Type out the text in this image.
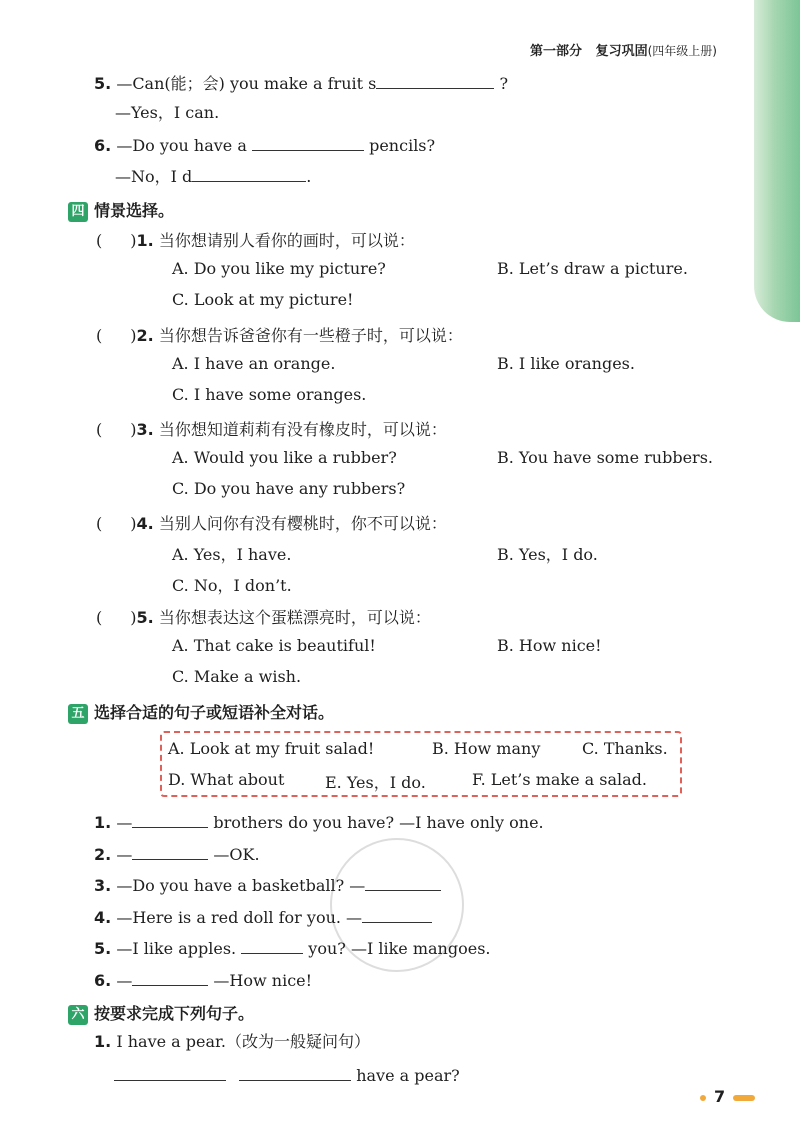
第一部分 复习巩固(四年级上册)
5. —Can(能；会) you make a fruit s	?
—Yes，I can.
6. —Do you have a	pencils?
—No，I d	.
四 情景选择。
( )1. 当你想请别人看你的画时，可以说：
A. Do you like my picture?	B. Let’s draw a picture.
C. Look at my picture!
( )2. 当你想告诉爸爸你有一些橙子时，可以说：
A. I have an orange.	B. I like oranges.
C. I have some oranges.
( )3. 当你想知道莉莉有没有橡皮时，可以说：
A. Would you like a rubber?	B. You have some rubbers.
C. Do you have any rubbers?
( )4. 当别人问你有没有樱桃时，你不可以说：
A. Yes，I have.	B. Yes，I do.
C. No，I don’t.
( )5. 当你想表达这个蛋糕漂亮时，可以说：
A. That cake is beautiful!	B. How nice!
C. Make a wish.
五 选择合适的句子或短语补全对话。
A. Look at my fruit salad!	B. How many	C. Thanks.
D. What about	E. Yes，I do.	F. Let’s make a salad.
1. —	brothers do you have? —I have only one.
2. —	—OK.
3. —Do you have a basketball? —
4. —Here is a red doll for you. —
5. —I like apples.	you? —I like mangoes.
6. —	—How nice!
六 按要求完成下列句子。
1. I have a pear.（改为一般疑问句）
have a pear?
7
